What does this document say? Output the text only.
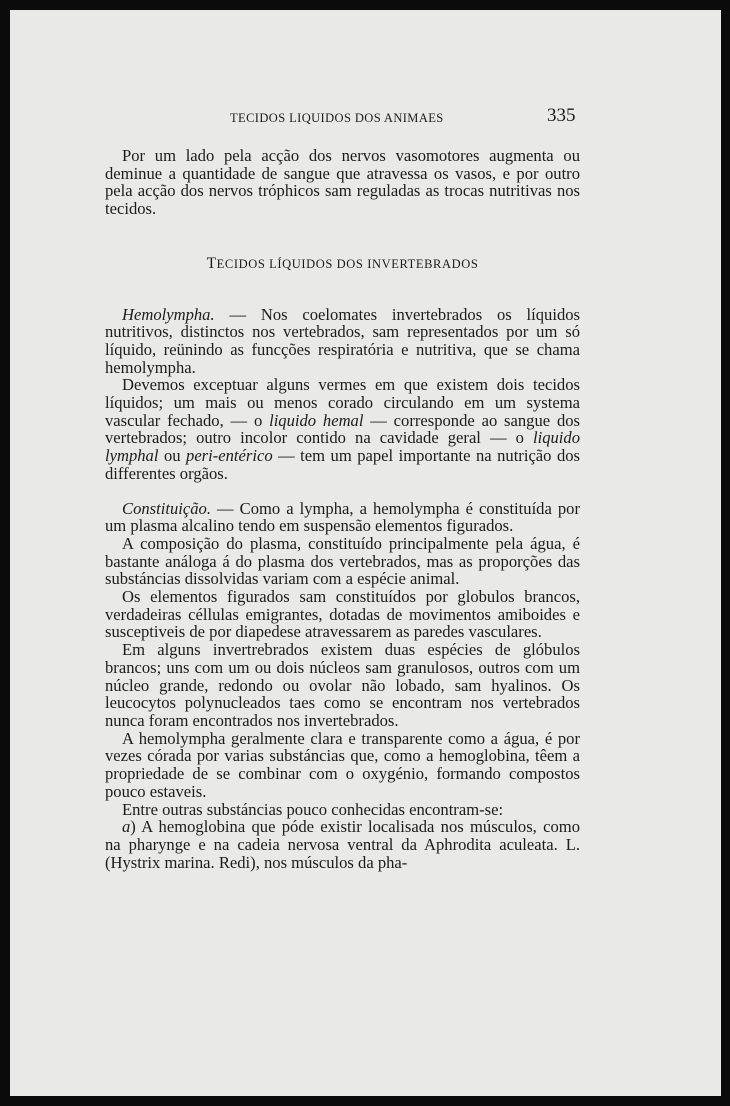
TECIDOS LIQUIDOS DOS ANIMAES	335

Por um lado pela acção dos nervos vasomotores augmenta ou deminue a quantidade de sangue que atravessa os vasos, e por outro pela acção dos nervos tróphicos sam reguladas as trocas nutritivas nos tecidos.

TECIDOS LÍQUIDOS DOS INVERTEBRADOS

Hemolympha. — Nos coelomates invertebrados os líquidos nutritivos, distinctos nos vertebrados, sam representados por um só líquido, reünindo as funcções respiratória e nutritiva, que se chama hemolympha.

Devemos exceptuar alguns vermes em que existem dois tecidos líquidos; um mais ou menos corado circulando em um systema vascular fechado, — o liquido hemal — corresponde ao sangue dos vertebrados; outro incolor contido na cavidade geral — o liquido lymphal ou peri-entérico — tem um papel importante na nutrição dos differentes orgãos.

Constituição. — Como a lympha, a hemolympha é constituída por um plasma alcalino tendo em suspensão elementos figurados.

A composição do plasma, constituído principalmente pela água, é bastante análoga á do plasma dos vertebrados, mas as proporções das substáncias dissolvidas variam com a espécie animal.

Os elementos figurados sam constituídos por globulos brancos, verdadeiras céllulas emigrantes, dotadas de movimentos amiboides e susceptiveis de por diapedese atravessarem as paredes vasculares.

Em alguns invertrebrados existem duas espécies de glóbulos brancos; uns com um ou dois núcleos sam granulosos, outros com um núcleo grande, redondo ou ovolar não lobado, sam hyalinos. Os leucocytos polynucleados taes como se encontram nos vertebrados nunca foram encontrados nos invertebrados.

A hemolympha geralmente clara e transparente como a água, é por vezes córada por varias substáncias que, como a hemoglobina, têem a propriedade de se combinar com o oxygénio, formando compostos pouco estaveis.

Entre outras substáncias pouco conhecidas encontram-se:

a) A hemoglobina que póde existir localisada nos músculos, como na pharynge e na cadeia nervosa ventral da Aphrodita aculeata. L. (Hystrix marina. Redi), nos músculos da pha-
